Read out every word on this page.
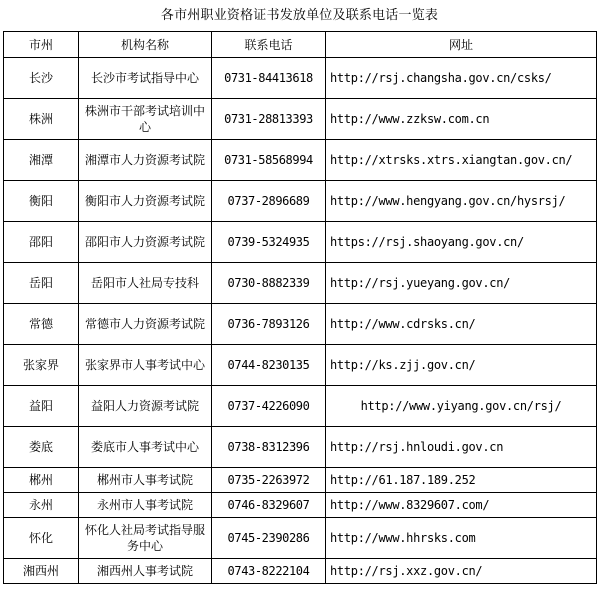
各市州职业资格证书发放单位及联系电话一览表
市州	机构名称	联系电话	网址
长沙	长沙市考试指导中心	0731-84413618	http://rsj.changsha.gov.cn/csks/
株洲	株洲市干部考试培训中心	0731-28813393	http://www.zzksw.com.cn
湘潭	湘潭市人力资源考试院	0731-58568994	http://xtrsks.xtrs.xiangtan.gov.cn/
衡阳	衡阳市人力资源考试院	0737-2896689	http://www.hengyang.gov.cn/hysrsj/
邵阳	邵阳市人力资源考试院	0739-5324935	https://rsj.shaoyang.gov.cn/
岳阳	岳阳市人社局专技科	0730-8882339	http://rsj.yueyang.gov.cn/
常德	常德市人力资源考试院	0736-7893126	http://www.cdrsks.cn/
张家界	张家界市人事考试中心	0744-8230135	http://ks.zjj.gov.cn/
益阳	益阳人力资源考试院	0737-4226090	http://www.yiyang.gov.cn/rsj/
娄底	娄底市人事考试中心	0738-8312396	http://rsj.hnloudi.gov.cn
郴州	郴州市人事考试院	0735-2263972	http://61.187.189.252
永州	永州市人事考试院	0746-8329607	http://www.8329607.com/
怀化	怀化人社局考试指导服务中心	0745-2390286	http://www.hhrsks.com
湘西州	湘西州人事考试院	0743-8222104	http://rsj.xxz.gov.cn/
